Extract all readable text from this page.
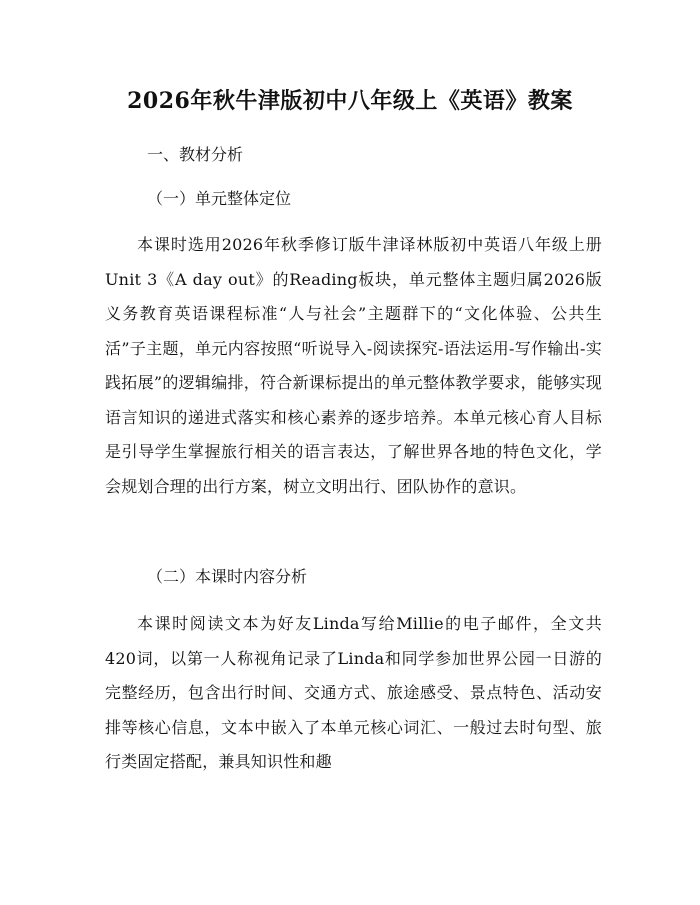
2026年秋牛津版初中八年级上《英语》教案
一、教材分析
（一）单元整体定位

本课时选用2026年秋季修订版牛津译林版初中英语八年级上册Unit 3《A day out》的Reading板块，单元整体主题归属2026版义务教育英语课程标准“人与社会”主题群下的“文化体验、公共生活”子主题，单元内容按照“听说导入-阅读探究-语法运用-写作输出-实践拓展”的逻辑编排，符合新课标提出的单元整体教学要求，能够实现语言知识的递进式落实和核心素养的逐步培养。本单元核心育人目标是引导学生掌握旅行相关的语言表达，了解世界各地的特色文化，学会规划合理的出行方案，树立文明出行、团队协作的意识。

（二）本课时内容分析

本课时阅读文本为好友Linda写给Millie的电子邮件，全文共420词，以第一人称视角记录了Linda和同学参加世界公园一日游的完整经历，包含出行时间、交通方式、旅途感受、景点特色、活动安排等核心信息，文本中嵌入了本单元核心词汇、一般过去时句型、旅行类固定搭配，兼具知识性和趣
